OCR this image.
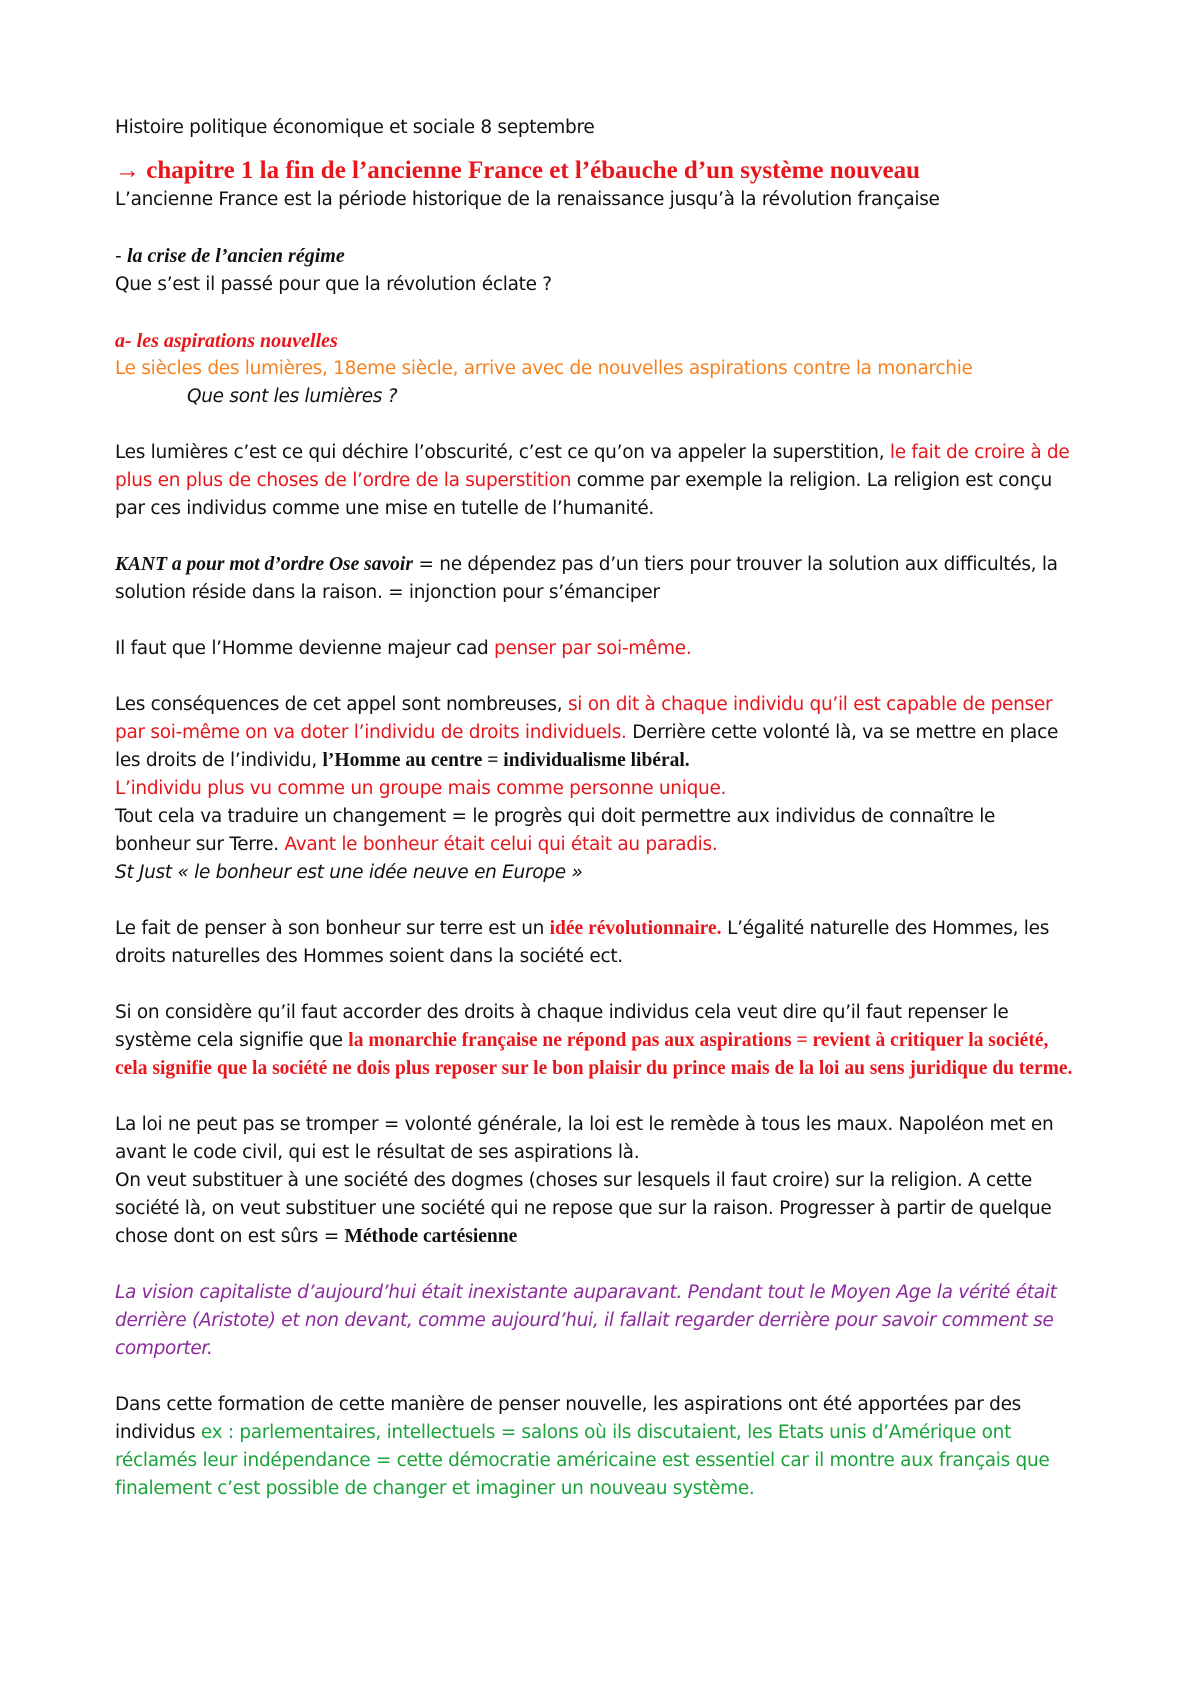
Histoire politique économique et sociale 8 septembre

→ chapitre 1 la fin de l’ancienne France et l’ébauche d’un système nouveau

L’ancienne France est la période historique de la renaissance jusqu’à la révolution française

- la crise de l’ancien régime

Que s’est il passé pour que la révolution éclate ?

a- les aspirations nouvelles

Le siècles des lumières, 18eme siècle, arrive avec de nouvelles aspirations contre la monarchie

Que sont les lumières ?

Les lumières c’est ce qui déchire l’obscurité, c’est ce qu’on va appeler la superstition, le fait de croire à de plus en plus de choses de l’ordre de la superstition comme par exemple la religion. La religion est conçu par ces individus comme une mise en tutelle de l’humanité.

KANT a pour mot d’ordre Ose savoir = ne dépendez pas d’un tiers pour trouver la solution aux difficultés, la solution réside dans la raison. = injonction pour s’émanciper

Il faut que l’Homme devienne majeur cad penser par soi-même.

Les conséquences de cet appel sont nombreuses, si on dit à chaque individu qu’il est capable de penser par soi-même on va doter l’individu de droits individuels. Derrière cette volonté là, va se mettre en place les droits de l’individu, l’Homme au centre = individualisme libéral.

L’individu plus vu comme un groupe mais comme personne unique.

Tout cela va traduire un changement = le progrès qui doit permettre aux individus de connaître le bonheur sur Terre. Avant le bonheur était celui qui était au paradis.

St Just « le bonheur est une idée neuve en Europe »

Le fait de penser à son bonheur sur terre est un idée révolutionnaire. L’égalité naturelle des Hommes, les droits naturelles des Hommes soient dans la société ect.

Si on considère qu’il faut accorder des droits à chaque individus cela veut dire qu’il faut repenser le système cela signifie que la monarchie française ne répond pas aux aspirations = revient à critiquer la société, cela signifie que la société ne dois plus reposer sur le bon plaisir du prince mais de la loi au sens juridique du terme.

La loi ne peut pas se tromper = volonté générale, la loi est le remède à tous les maux. Napoléon met en avant le code civil, qui est le résultat de ses aspirations là.

On veut substituer à une société des dogmes (choses sur lesquels il faut croire) sur la religion. A cette société là, on veut substituer une société qui ne repose que sur la raison. Progresser à partir de quelque chose dont on est sûrs = Méthode cartésienne

La vision capitaliste d’aujourd’hui était inexistante auparavant. Pendant tout le Moyen Age la vérité était derrière (Aristote) et non devant, comme aujourd’hui, il fallait regarder derrière pour savoir comment se comporter.

Dans cette formation de cette manière de penser nouvelle, les aspirations ont été apportées par des individus ex : parlementaires, intellectuels = salons où ils discutaient, les Etats unis d’Amérique ont réclamés leur indépendance = cette démocratie américaine est essentiel car il montre aux français que finalement c’est possible de changer et imaginer un nouveau système.
